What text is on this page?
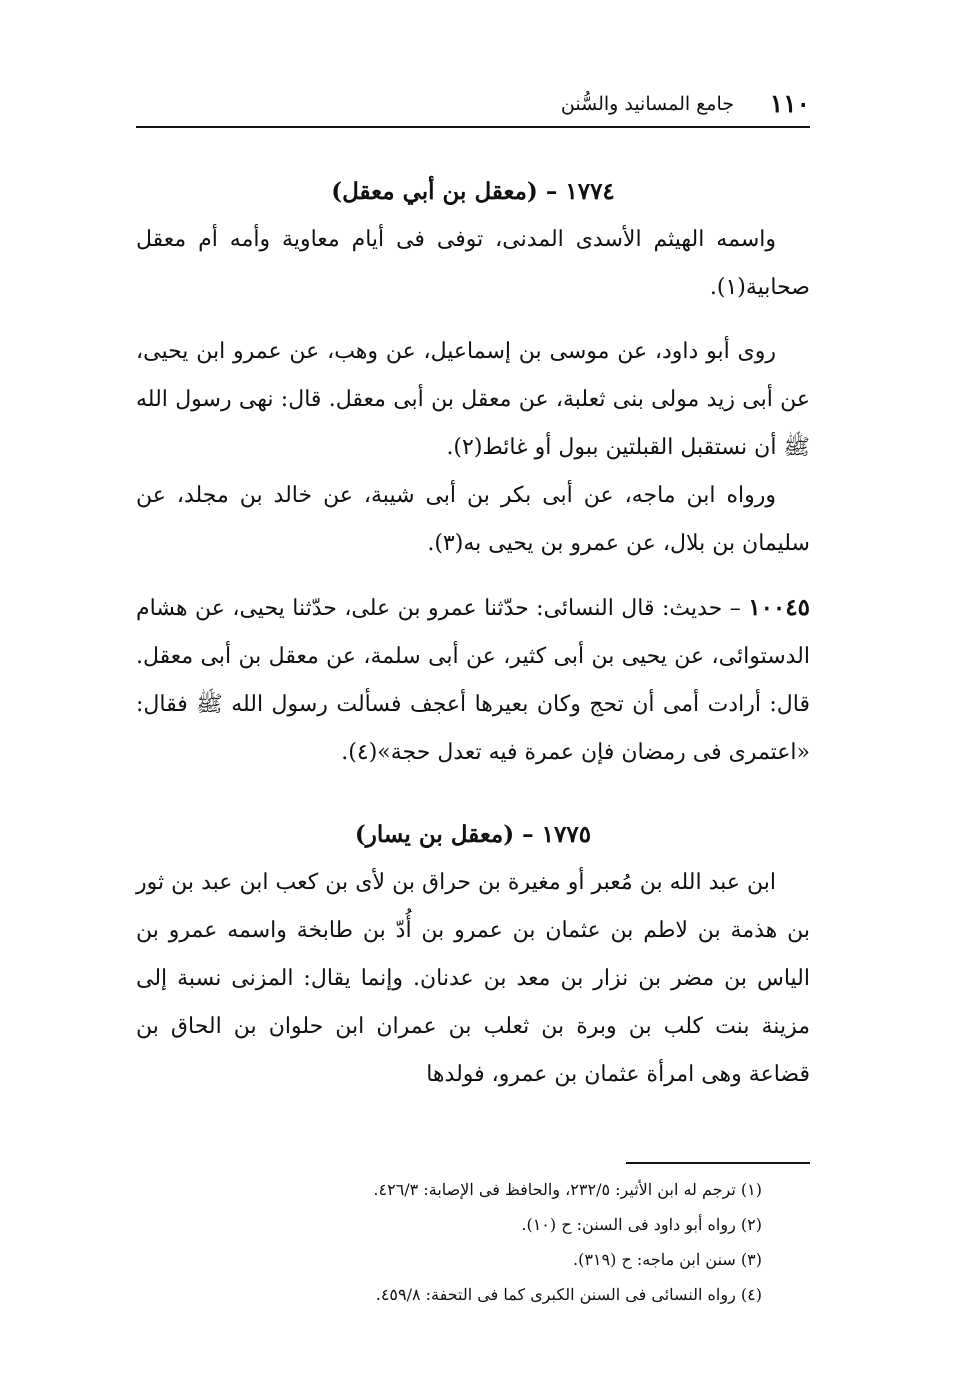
١١٠
جامع المسانيد والسُّنن

١٧٧٤ – (معقل بن أبي معقل)

واسمه الهيثم الأسدى المدنى، توفى فى أيام معاوية وأمه أم معقل صحابية(١).

روى أبو داود، عن موسى بن إسماعيل، عن وهب، عن عمرو ابن يحيى، عن أبى زيد مولى بنى ثعلبة، عن معقل بن أبى معقل. قال: نهى رسول الله ﷺ أن نستقبل القبلتين ببول أو غائط(٢).

ورواه ابن ماجه، عن أبى بكر بن أبى شيبة، عن خالد بن مجلد، عن سليمان بن بلال، عن عمرو بن يحيى به(٣).

١٠٠٤٥ – حديث: قال النسائى: حدّثنا عمرو بن على، حدّثنا يحيى، عن هشام الدستوائى، عن يحيى بن أبى كثير، عن أبى سلمة، عن معقل بن أبى معقل. قال: أرادت أمى أن تحج وكان بعيرها أعجف فسألت رسول الله ﷺ فقال: «اعتمرى فى رمضان فإن عمرة فيه تعدل حجة»(٤).

١٧٧٥ – (معقل بن يسار)

ابن عبد الله بن مُعبر أو مغيرة بن حراق بن لأى بن كعب ابن عبد بن ثور بن هذمة بن لاطم بن عثمان بن عمرو بن أُدّ بن طابخة واسمه عمرو بن الياس بن مضر بن نزار بن معد بن عدنان. وإنما يقال: المزنى نسبة إلى مزينة بنت كلب بن وبرة بن ثعلب بن عمران ابن حلوان بن الحاق بن قضاعة وهى امرأة عثمان بن عمرو، فولدها

(١) ترجم له ابن الأثير: ٢٣٢/٥، والحافظ فى الإصابة: ٤٢٦/٣.

(٢) رواه أبو داود فى السنن: ح (١٠).

(٣) سنن ابن ماجه: ح (٣١٩).

(٤) رواه النسائى فى السنن الكبرى كما فى التحفة: ٤٥٩/٨.
